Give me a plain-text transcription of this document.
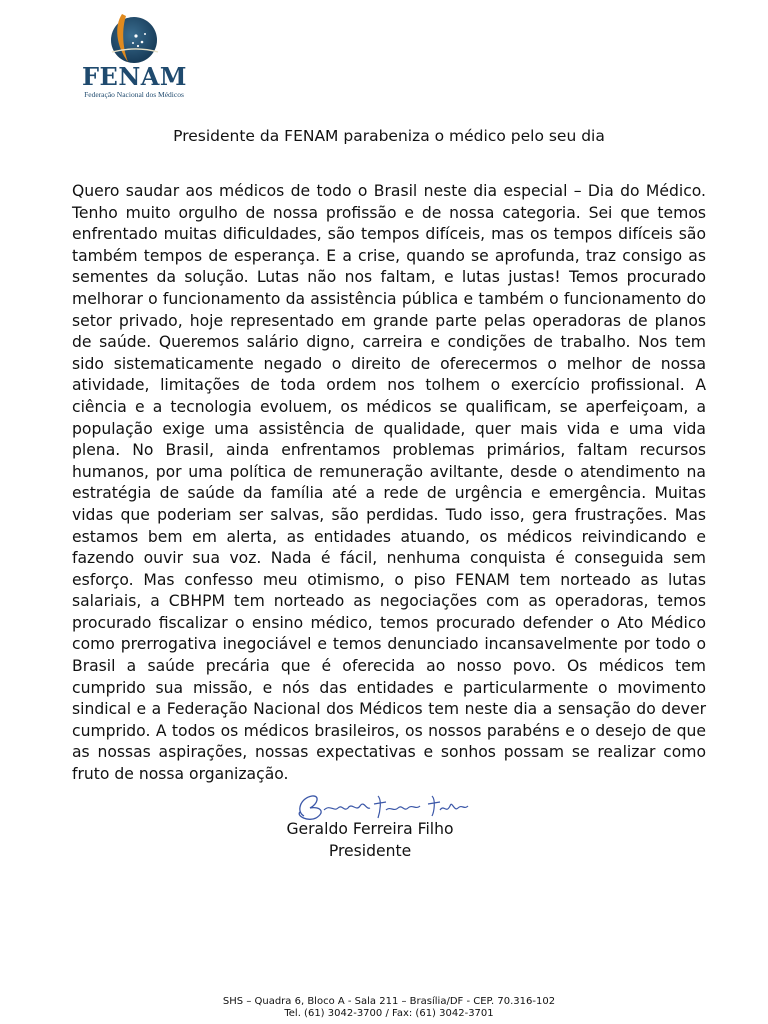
FENAM
Federação Nacional dos Médicos
Presidente da FENAM parabeniza o médico pelo seu dia

Quero saudar aos médicos de todo o Brasil neste dia especial – Dia do Médico. Tenho muito orgulho de nossa profissão e de nossa categoria. Sei que temos enfrentado muitas dificuldades, são tempos difíceis, mas os tempos difíceis são também tempos de esperança. E a crise, quando se aprofunda, traz consigo as sementes da solução. Lutas não nos faltam, e lutas justas! Temos procurado melhorar o funcionamento da assistência pública e também o funcionamento do setor privado, hoje representado em grande parte pelas operadoras de planos de saúde. Queremos salário digno, carreira e condições de trabalho. Nos tem sido sistematicamente negado o direito de oferecermos o melhor de nossa atividade, limitações de toda ordem nos tolhem o exercício profissional. A ciência e a tecnologia evoluem, os médicos se qualificam, se aperfeiçoam, a população exige uma assistência de qualidade, quer mais vida e uma vida plena. No Brasil, ainda enfrentamos problemas primários, faltam recursos humanos, por uma política de remuneração aviltante, desde o atendimento na estratégia de saúde da família até a rede de urgência e emergência. Muitas vidas que poderiam ser salvas, são perdidas. Tudo isso, gera frustrações. Mas estamos bem em alerta, as entidades atuando, os médicos reivindicando e fazendo ouvir sua voz. Nada é fácil, nenhuma conquista é conseguida sem esforço. Mas confesso meu otimismo, o piso FENAM tem norteado as lutas salariais, a CBHPM tem norteado as negociações com as operadoras, temos procurado fiscalizar o ensino médico, temos procurado defender o Ato Médico como prerrogativa inegociável e temos denunciado incansavelmente por todo o Brasil a saúde precária que é oferecida ao nosso povo. Os médicos tem cumprido sua missão, e nós das entidades e particularmente o movimento sindical e a Federação Nacional dos Médicos tem neste dia a sensação do dever cumprido. A todos os médicos brasileiros, os nossos parabéns e o desejo de que as nossas aspirações, nossas expectativas e sonhos possam se realizar como fruto de nossa organização.

Geraldo Ferreira Filho
Presidente
SHS – Quadra 6, Bloco A - Sala 211 – Brasília/DF - CEP. 70.316-102
Tel. (61) 3042-3700 / Fax: (61) 3042-3701
